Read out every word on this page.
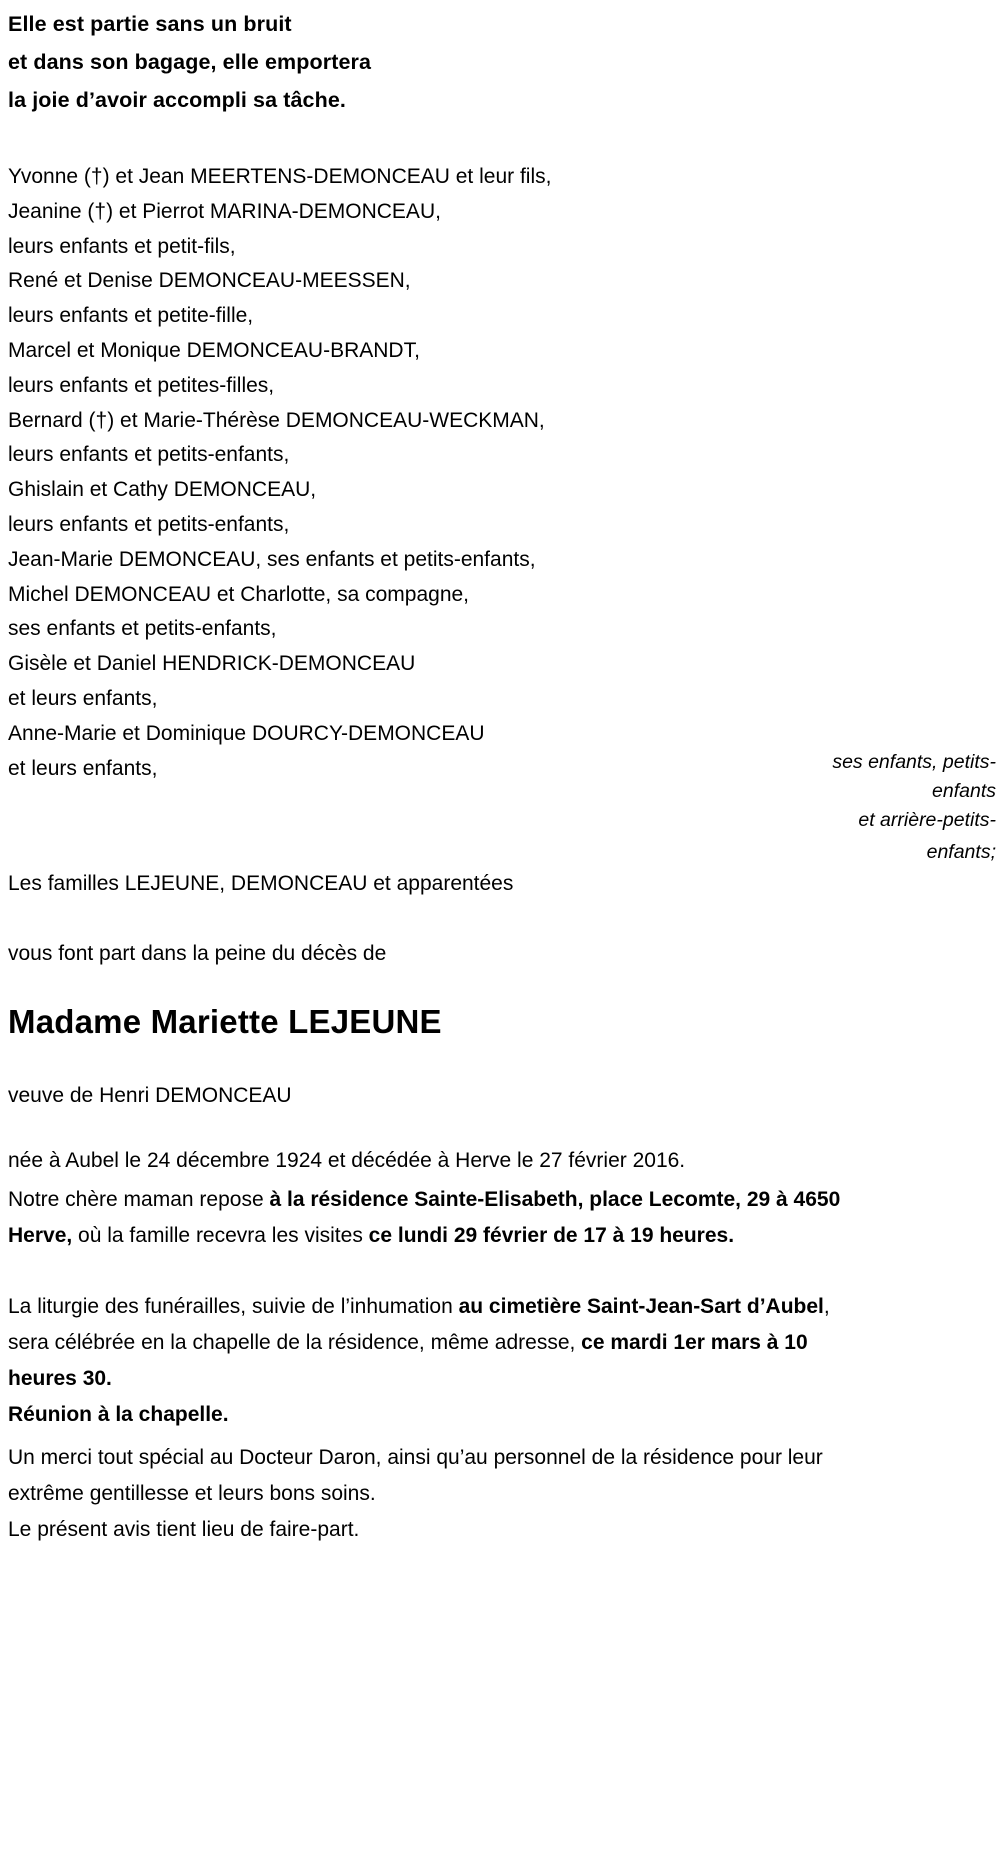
Elle est partie sans un bruit
et dans son bagage, elle emportera
la joie d’avoir accompli sa tâche.
Yvonne (†) et Jean MEERTENS-DEMONCEAU et leur fils,
Jeanine (†) et Pierrot MARINA-DEMONCEAU,
leurs enfants et petit-fils,
René et Denise DEMONCEAU-MEESSEN,
leurs enfants et petite-fille,
Marcel et Monique DEMONCEAU-BRANDT,
leurs enfants et petites-filles,
Bernard (†) et Marie-Thérèse DEMONCEAU-WECKMAN,
leurs enfants et petits-enfants,
Ghislain et Cathy DEMONCEAU,
leurs enfants et petits-enfants,
Jean-Marie DEMONCEAU, ses enfants et petits-enfants,
Michel DEMONCEAU et Charlotte, sa compagne,
ses enfants et petits-enfants,
Gisèle et Daniel HENDRICK-DEMONCEAU
et leurs enfants,
Anne-Marie et Dominique DOURCY-DEMONCEAU
et leurs enfants,	ses enfants, petits-
enfants
et arrière-petits-
enfants;
Les familles LEJEUNE, DEMONCEAU et apparentées
vous font part dans la peine du décès de
Madame Mariette LEJEUNE
veuve de Henri DEMONCEAU
née à Aubel le 24 décembre 1924 et décédée à Herve le 27 février 2016.
Notre chère maman repose à la résidence Sainte-Elisabeth, place Lecomte, 29 à 4650 Herve, où la famille recevra les visites ce lundi 29 février de 17 à 19 heures.
La liturgie des funérailles, suivie de l’inhumation au cimetière Saint-Jean-Sart d’Aubel, sera célébrée en la chapelle de la résidence, même adresse, ce mardi 1er mars à 10 heures 30.
Réunion à la chapelle.
Un merci tout spécial au Docteur Daron, ainsi qu’au personnel de la résidence pour leur extrême gentillesse et leurs bons soins.
Le présent avis tient lieu de faire-part.
